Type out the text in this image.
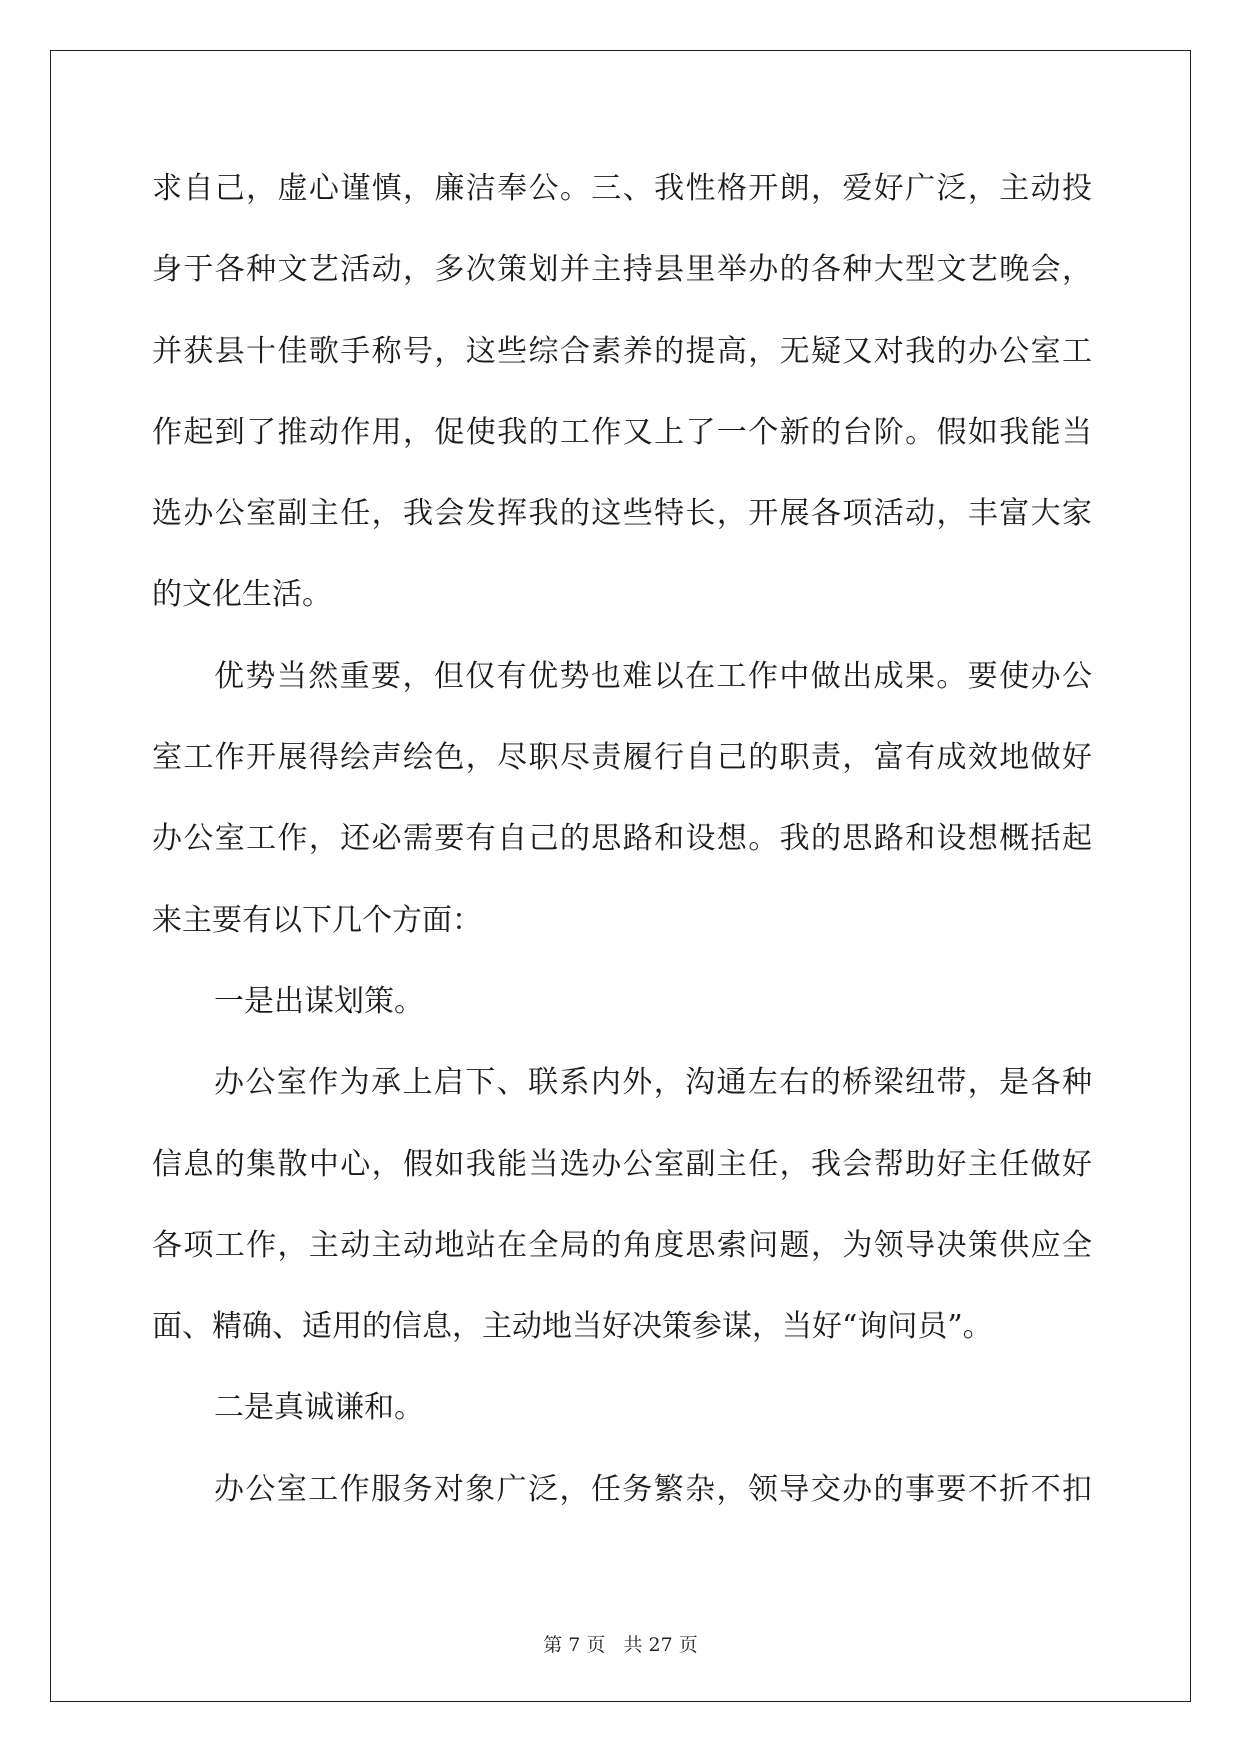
求自己，虚心谨慎，廉洁奉公。三、我性格开朗，爱好广泛，主动投
身于各种文艺活动，多次策划并主持县里举办的各种大型文艺晚会，
并获县十佳歌手称号，这些综合素养的提高，无疑又对我的办公室工
作起到了推动作用，促使我的工作又上了一个新的台阶。假如我能当
选办公室副主任，我会发挥我的这些特长，开展各项活动，丰富大家
的文化生活。
优势当然重要，但仅有优势也难以在工作中做出成果。要使办公
室工作开展得绘声绘色，尽职尽责履行自己的职责，富有成效地做好
办公室工作，还必需要有自己的思路和设想。我的思路和设想概括起
来主要有以下几个方面：
一是出谋划策。
办公室作为承上启下、联系内外，沟通左右的桥梁纽带，是各种
信息的集散中心，假如我能当选办公室副主任，我会帮助好主任做好
各项工作，主动主动地站在全局的角度思索问题，为领导决策供应全
面、精确、适用的信息，主动地当好决策参谋，当好“询问员”。
二是真诚谦和。
办公室工作服务对象广泛，任务繁杂，领导交办的事要不折不扣
第 7 页 共 27 页
